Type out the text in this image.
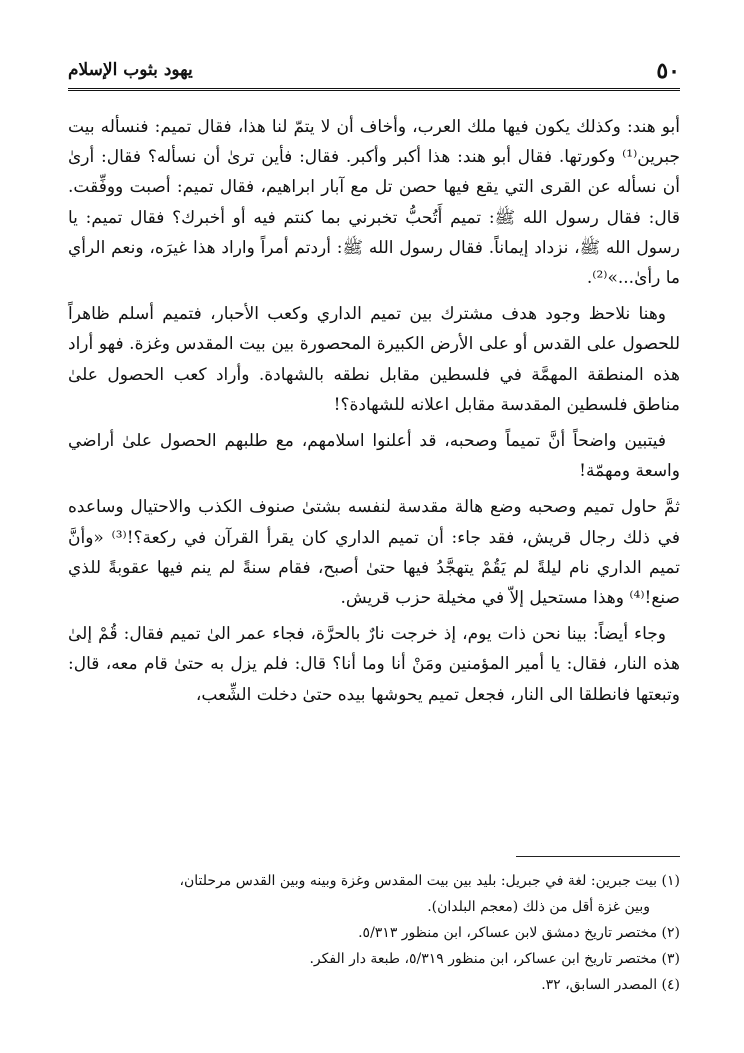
٥٠
يهود بثوب الإسلام

أبو هند: وكذلك يكون فيها ملك العرب، وأخاف أن لا يتمّ لنا هذا، فقال تميم: فنسأله بيت جبرين⁽¹⁾ وكورتها. فقال أبو هند: هذا أكبر وأكبر. فقال: فأين ترىٰ أن نسأله؟ فقال: أرىٰ أن نسأله عن القرى التي يقع فيها حصن تل مع آبار ابراهيم، فقال تميم: أصبت ووفِّقت. قال: فقال رسول الله ﷺ: تميم أَتُحبُّ تخبرني بما كنتم فيه أو أخبرك؟ فقال تميم: يا رسول الله ﷺ، نزداد إيماناً. فقال رسول الله ﷺ: أردتم أمراً واراد هذا غيرَه، ونعم الرأي ما رأىٰ...»⁽²⁾.

وهنا نلاحظ وجود هدف مشترك بين تميم الداري وكعب الأحبار، فتميم أسلم ظاهراً للحصول على القدس أو على الأرض الكبيرة المحصورة بين بيت المقدس وغزة. فهو أراد هذه المنطقة المهمَّة في فلسطين مقابل نطقه بالشهادة. وأراد كعب الحصول علىٰ مناطق فلسطين المقدسة مقابل اعلانه للشهادة؟!

فيتبين واضحاً أنَّ تميماً وصحبه، قد أعلنوا اسلامهم، مع طلبهم الحصول علىٰ أراضي واسعة ومهمّة!

ثمَّ حاول تميم وصحبه وضع هالة مقدسة لنفسه بشتىٰ صنوف الكذب والاحتيال وساعده في ذلك رجال قريش، فقد جاء: أن تميم الداري كان يقرأ القرآن في ركعة؟!⁽³⁾ «وأنَّ تميم الداري نام ليلةً لم يَقُمْ يتهجَّدُ فيها حتىٰ أصبح، فقام سنةً لم ينم فيها عقوبةً للذي صنع!⁽⁴⁾ وهذا مستحيل إلاّ في مخيلة حزب قريش.

وجاء أيضاً: بينا نحن ذات يوم، إذ خرجت نارٌ بالحرَّة، فجاء عمر الىٰ تميم فقال: قُمْ إلىٰ هذه النار، فقال: يا أمير المؤمنين ومَنْ أنا وما أنا؟ قال: فلم يزل به حتىٰ قام معه، قال: وتبعتها فانطلقا الى النار، فجعل تميم يحوشها بيده حتىٰ دخلت الشِّعب،

(١) بيت جبرين: لغة في جبريل: بليد بين بيت المقدس وغزة وبينه وبين القدس مرحلتان،

وبين غزة أقل من ذلك (معجم البلدان).

(٢) مختصر تاريخ دمشق لابن عساكر، ابن منظور ٥/٣١٣.

(٣) مختصر تاريخ ابن عساكر، ابن منظور ٥/٣١٩، طبعة دار الفكر.

(٤) المصدر السابق، ٣٢.
